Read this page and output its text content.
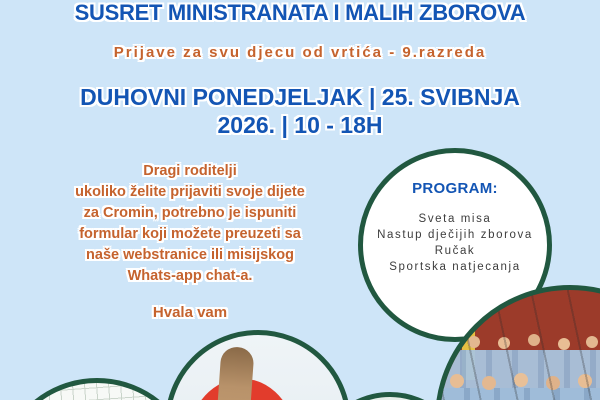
SUSRET MINISTRANATA I MALIH ZBOROVA
Prijave za svu djecu od vrtića - 9.razreda
DUHOVNI PONEDJELJAK | 25. SVIBNJA
2026. | 10 - 18H
Dragi roditelji
ukoliko želite prijaviti svoje dijete
za Cromin, potrebno je ispuniti
formular koji možete preuzeti sa
naše webstranice ili misijskog
Whats-app chat-a.
Hvala vam
PROGRAM:
Sveta misa
Nastup dječijih zborova
Ručak
Sportska natjecanja
